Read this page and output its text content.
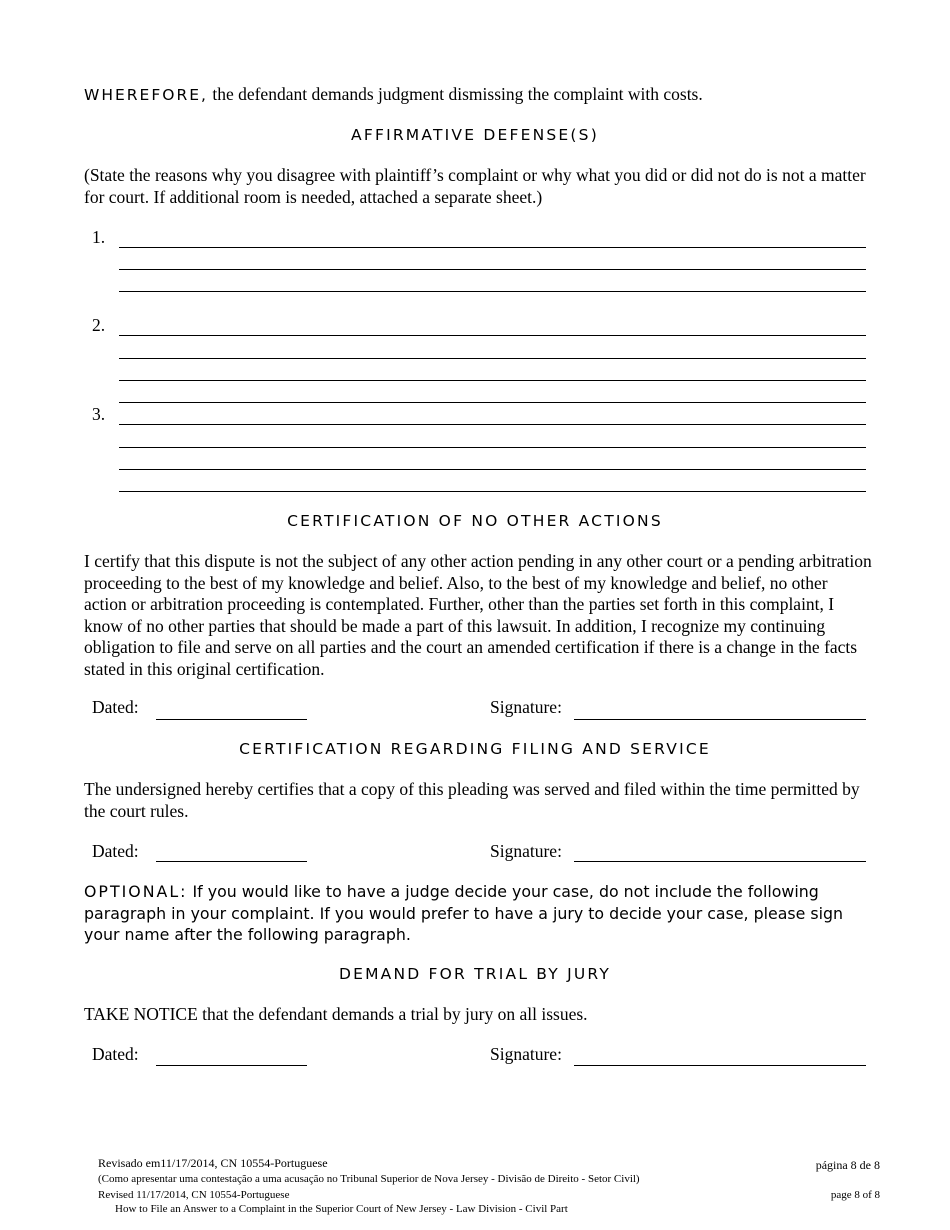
WHEREFORE, the defendant demands judgment dismissing the complaint with costs.
AFFIRMATIVE DEFENSE(S)
(State the reasons why you disagree with plaintiff’s complaint or why what you did or did not do is not a matter for court. If additional room is needed, attached a separate sheet.)
1.
2.
3.
CERTIFICATION OF NO OTHER ACTIONS
I certify that this dispute is not the subject of any other action pending in any other court or a pending arbitration proceeding to the best of my knowledge and belief. Also, to the best of my knowledge and belief, no other action or arbitration proceeding is contemplated. Further, other than the parties set forth in this complaint, I know of no other parties that should be made a part of this lawsuit. In addition, I recognize my continuing obligation to file and serve on all parties and the court an amended certification if there is a change in the facts stated in this original certification.
Dated:	Signature:
CERTIFICATION REGARDING FILING AND SERVICE
The undersigned hereby certifies that a copy of this pleading was served and filed within the time permitted by the court rules.
Dated:	Signature:
OPTIONAL: If you would like to have a judge decide your case, do not include the following paragraph in your complaint. If you would prefer to have a jury to decide your case, please sign your name after the following paragraph.
DEMAND FOR TRIAL BY JURY
TAKE NOTICE that the defendant demands a trial by jury on all issues.
Dated:	Signature:
Revisado em11/17/2014, CN 10554-Portuguese	página 8 de 8
(Como apresentar uma contestação a uma acusação no Tribunal Superior de Nova Jersey - Divisão de Direito - Setor Civil)
Revised 11/17/2014, CN 10554-Portuguese	page 8 of 8
How to File an Answer to a Complaint in the Superior Court of New Jersey - Law Division - Civil Part
